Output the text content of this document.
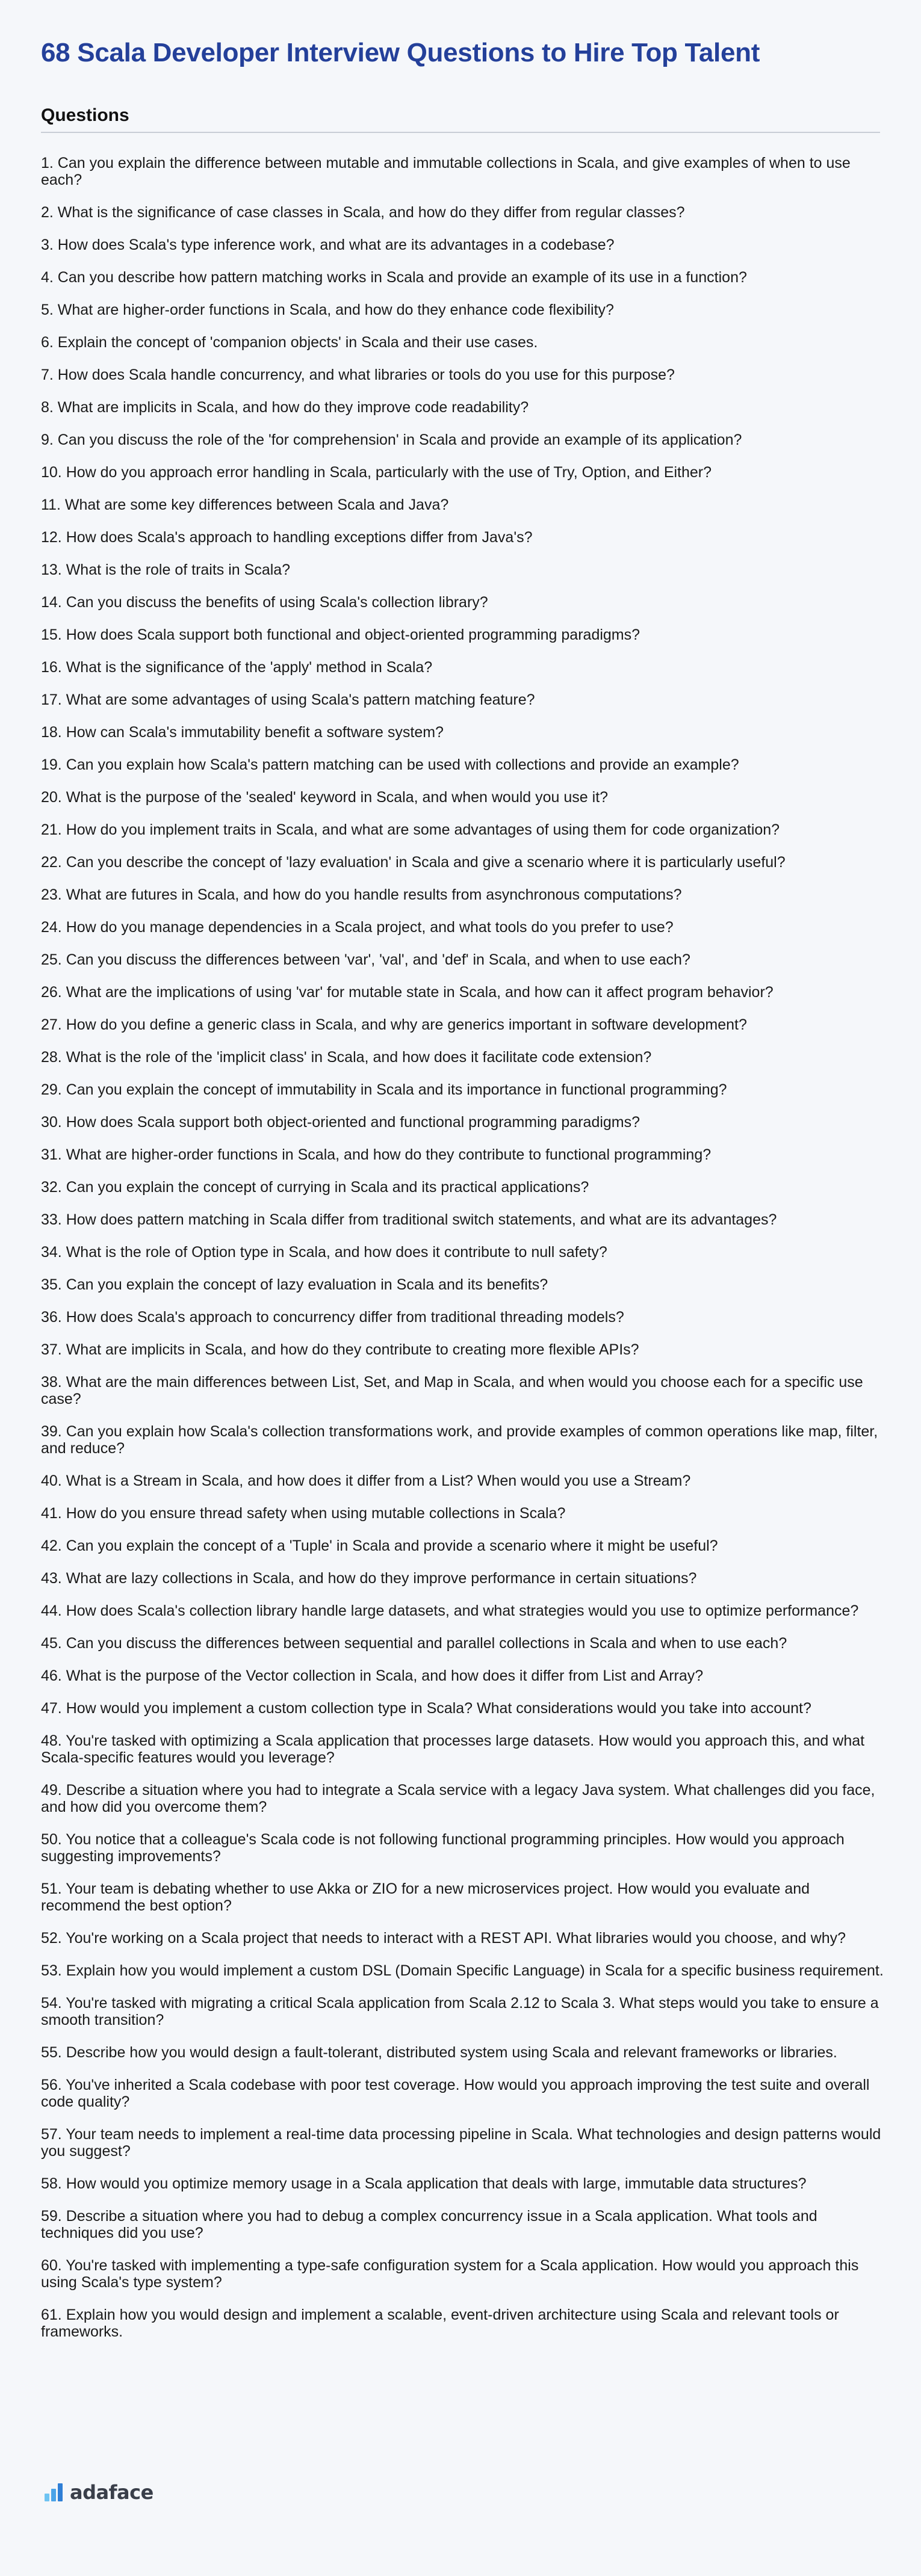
68 Scala Developer Interview Questions to Hire Top Talent
Questions
1. Can you explain the difference between mutable and immutable collections in Scala, and give examples of when to use each?
2. What is the significance of case classes in Scala, and how do they differ from regular classes?
3. How does Scala's type inference work, and what are its advantages in a codebase?
4. Can you describe how pattern matching works in Scala and provide an example of its use in a function?
5. What are higher-order functions in Scala, and how do they enhance code flexibility?
6. Explain the concept of 'companion objects' in Scala and their use cases.
7. How does Scala handle concurrency, and what libraries or tools do you use for this purpose?
8. What are implicits in Scala, and how do they improve code readability?
9. Can you discuss the role of the 'for comprehension' in Scala and provide an example of its application?
10. How do you approach error handling in Scala, particularly with the use of Try, Option, and Either?
11. What are some key differences between Scala and Java?
12. How does Scala's approach to handling exceptions differ from Java's?
13. What is the role of traits in Scala?
14. Can you discuss the benefits of using Scala's collection library?
15. How does Scala support both functional and object-oriented programming paradigms?
16. What is the significance of the 'apply' method in Scala?
17. What are some advantages of using Scala's pattern matching feature?
18. How can Scala's immutability benefit a software system?
19. Can you explain how Scala's pattern matching can be used with collections and provide an example?
20. What is the purpose of the 'sealed' keyword in Scala, and when would you use it?
21. How do you implement traits in Scala, and what are some advantages of using them for code organization?
22. Can you describe the concept of 'lazy evaluation' in Scala and give a scenario where it is particularly useful?
23. What are futures in Scala, and how do you handle results from asynchronous computations?
24. How do you manage dependencies in a Scala project, and what tools do you prefer to use?
25. Can you discuss the differences between 'var', 'val', and 'def' in Scala, and when to use each?
26. What are the implications of using 'var' for mutable state in Scala, and how can it affect program behavior?
27. How do you define a generic class in Scala, and why are generics important in software development?
28. What is the role of the 'implicit class' in Scala, and how does it facilitate code extension?
29. Can you explain the concept of immutability in Scala and its importance in functional programming?
30. How does Scala support both object-oriented and functional programming paradigms?
31. What are higher-order functions in Scala, and how do they contribute to functional programming?
32. Can you explain the concept of currying in Scala and its practical applications?
33. How does pattern matching in Scala differ from traditional switch statements, and what are its advantages?
34. What is the role of Option type in Scala, and how does it contribute to null safety?
35. Can you explain the concept of lazy evaluation in Scala and its benefits?
36. How does Scala's approach to concurrency differ from traditional threading models?
37. What are implicits in Scala, and how do they contribute to creating more flexible APIs?
38. What are the main differences between List, Set, and Map in Scala, and when would you choose each for a specific use case?
39. Can you explain how Scala's collection transformations work, and provide examples of common operations like map, filter, and reduce?
40. What is a Stream in Scala, and how does it differ from a List? When would you use a Stream?
41. How do you ensure thread safety when using mutable collections in Scala?
42. Can you explain the concept of a 'Tuple' in Scala and provide a scenario where it might be useful?
43. What are lazy collections in Scala, and how do they improve performance in certain situations?
44. How does Scala's collection library handle large datasets, and what strategies would you use to optimize performance?
45. Can you discuss the differences between sequential and parallel collections in Scala and when to use each?
46. What is the purpose of the Vector collection in Scala, and how does it differ from List and Array?
47. How would you implement a custom collection type in Scala? What considerations would you take into account?
48. You're tasked with optimizing a Scala application that processes large datasets. How would you approach this, and what Scala-specific features would you leverage?
49. Describe a situation where you had to integrate a Scala service with a legacy Java system. What challenges did you face, and how did you overcome them?
50. You notice that a colleague's Scala code is not following functional programming principles. How would you approach suggesting improvements?
51. Your team is debating whether to use Akka or ZIO for a new microservices project. How would you evaluate and recommend the best option?
52. You're working on a Scala project that needs to interact with a REST API. What libraries would you choose, and why?
53. Explain how you would implement a custom DSL (Domain Specific Language) in Scala for a specific business requirement.
54. You're tasked with migrating a critical Scala application from Scala 2.12 to Scala 3. What steps would you take to ensure a smooth transition?
55. Describe how you would design a fault-tolerant, distributed system using Scala and relevant frameworks or libraries.
56. You've inherited a Scala codebase with poor test coverage. How would you approach improving the test suite and overall code quality?
57. Your team needs to implement a real-time data processing pipeline in Scala. What technologies and design patterns would you suggest?
58. How would you optimize memory usage in a Scala application that deals with large, immutable data structures?
59. Describe a situation where you had to debug a complex concurrency issue in a Scala application. What tools and techniques did you use?
60. You're tasked with implementing a type-safe configuration system for a Scala application. How would you approach this using Scala's type system?
61. Explain how you would design and implement a scalable, event-driven architecture using Scala and relevant tools or frameworks.
adaface
